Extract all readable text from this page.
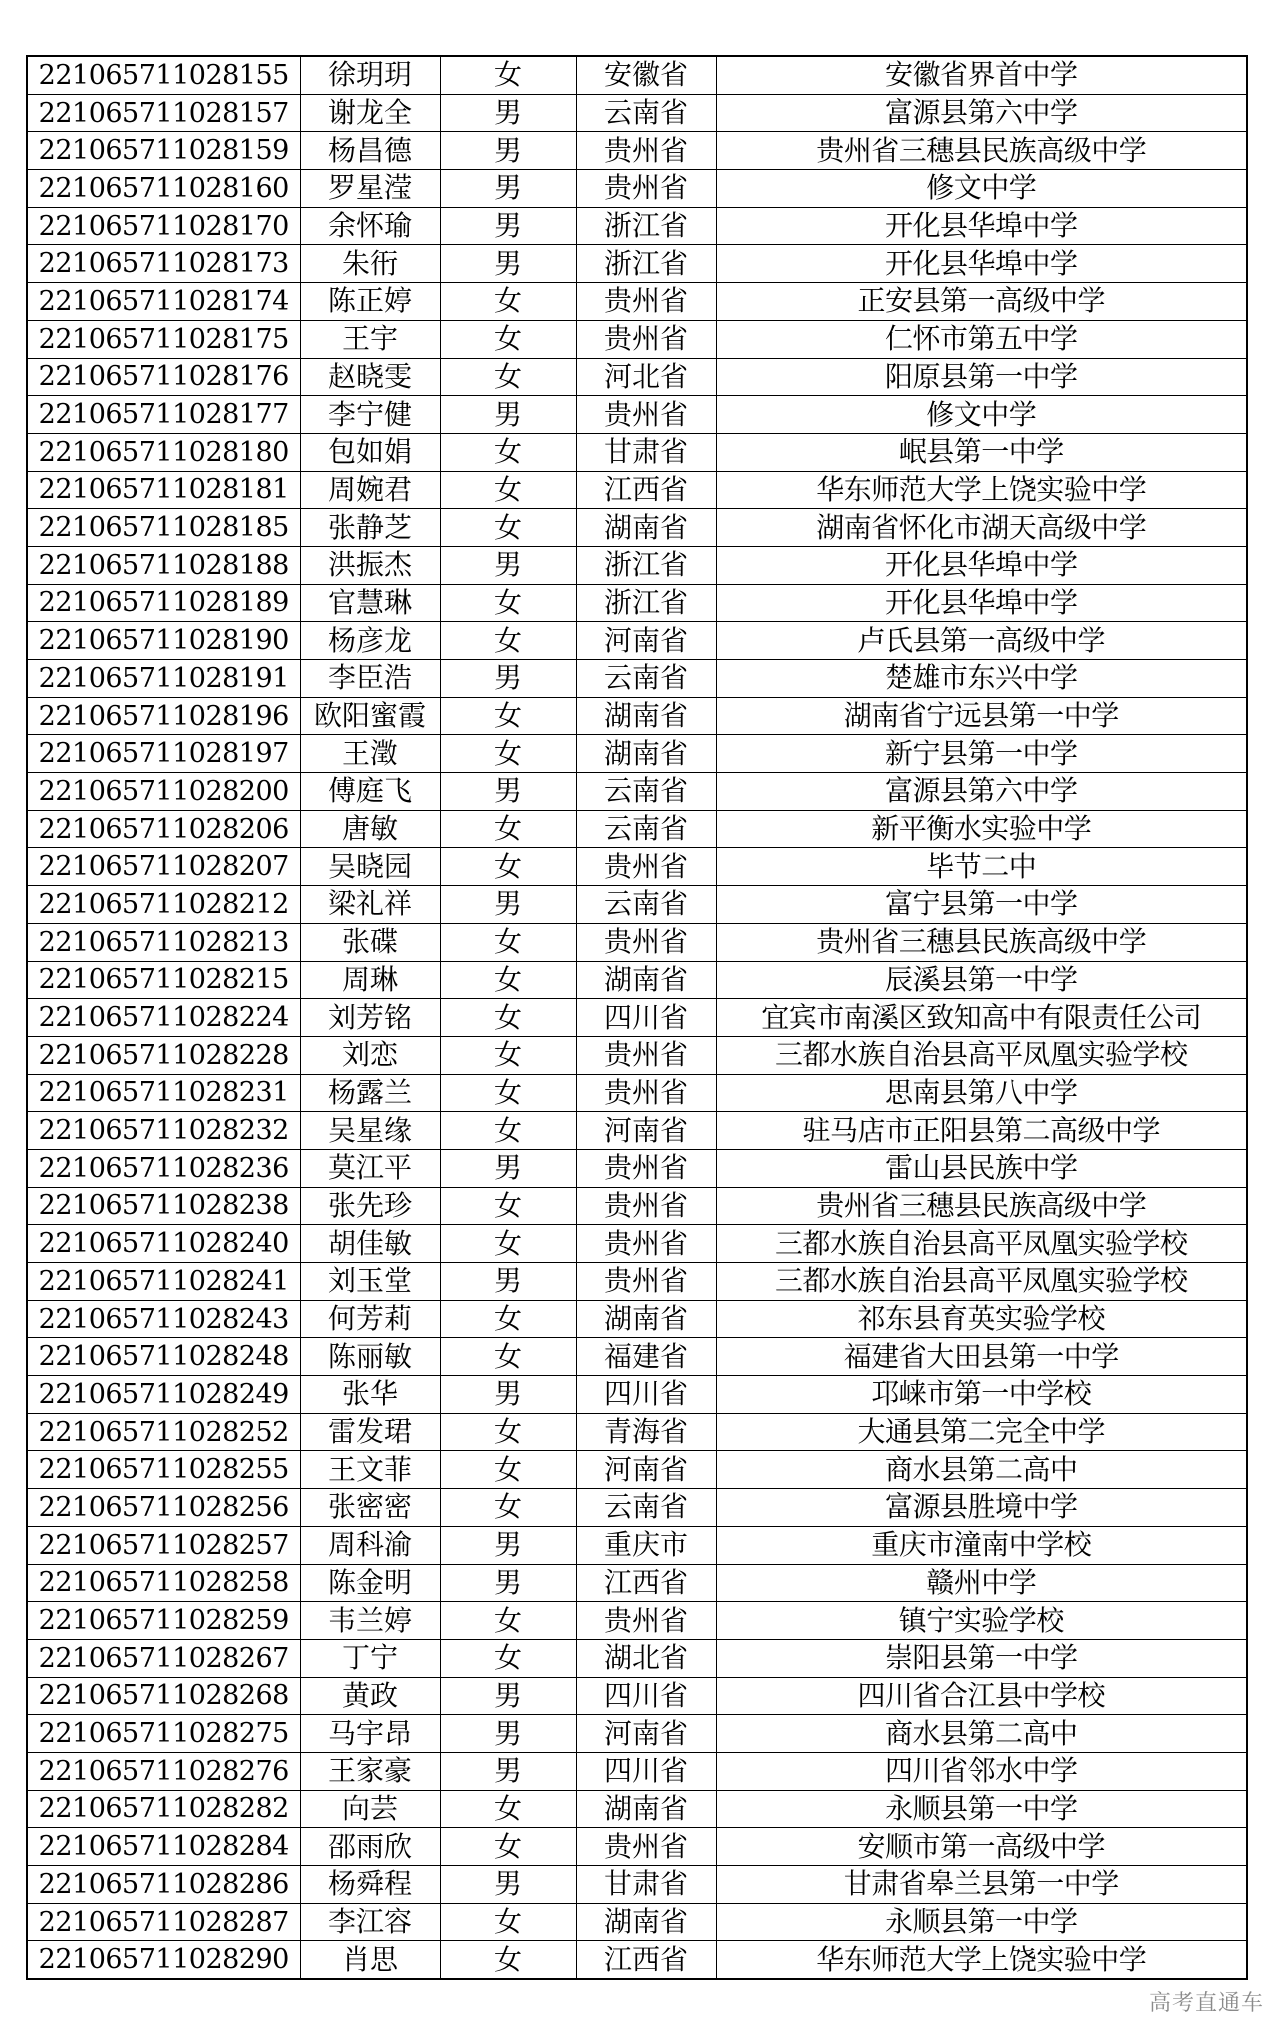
221065711028155	徐玥玥	女	安徽省	安徽省界首中学
221065711028157	谢龙全	男	云南省	富源县第六中学
221065711028159	杨昌德	男	贵州省	贵州省三穗县民族高级中学
221065711028160	罗星滢	男	贵州省	修文中学
221065711028170	余怀瑜	男	浙江省	开化县华埠中学
221065711028173	朱衎	男	浙江省	开化县华埠中学
221065711028174	陈正婷	女	贵州省	正安县第一高级中学
221065711028175	王宇	女	贵州省	仁怀市第五中学
221065711028176	赵晓雯	女	河北省	阳原县第一中学
221065711028177	李宁健	男	贵州省	修文中学
221065711028180	包如娟	女	甘肃省	岷县第一中学
221065711028181	周婉君	女	江西省	华东师范大学上饶实验中学
221065711028185	张静芝	女	湖南省	湖南省怀化市湖天高级中学
221065711028188	洪振杰	男	浙江省	开化县华埠中学
221065711028189	官慧琳	女	浙江省	开化县华埠中学
221065711028190	杨彦龙	女	河南省	卢氏县第一高级中学
221065711028191	李臣浩	男	云南省	楚雄市东兴中学
221065711028196	欧阳蜜霞	女	湖南省	湖南省宁远县第一中学
221065711028197	王澂	女	湖南省	新宁县第一中学
221065711028200	傅庭飞	男	云南省	富源县第六中学
221065711028206	唐敏	女	云南省	新平衡水实验中学
221065711028207	吴晓园	女	贵州省	毕节二中
221065711028212	梁礼祥	男	云南省	富宁县第一中学
221065711028213	张碟	女	贵州省	贵州省三穗县民族高级中学
221065711028215	周琳	女	湖南省	辰溪县第一中学
221065711028224	刘芳铭	女	四川省	宜宾市南溪区致知高中有限责任公司
221065711028228	刘恋	女	贵州省	三都水族自治县高平凤凰实验学校
221065711028231	杨露兰	女	贵州省	思南县第八中学
221065711028232	吴星缘	女	河南省	驻马店市正阳县第二高级中学
221065711028236	莫江平	男	贵州省	雷山县民族中学
221065711028238	张先珍	女	贵州省	贵州省三穗县民族高级中学
221065711028240	胡佳敏	女	贵州省	三都水族自治县高平凤凰实验学校
221065711028241	刘玉堂	男	贵州省	三都水族自治县高平凤凰实验学校
221065711028243	何芳莉	女	湖南省	祁东县育英实验学校
221065711028248	陈丽敏	女	福建省	福建省大田县第一中学
221065711028249	张华	男	四川省	邛崃市第一中学校
221065711028252	雷发珺	女	青海省	大通县第二完全中学
221065711028255	王文菲	女	河南省	商水县第二高中
221065711028256	张密密	女	云南省	富源县胜境中学
221065711028257	周科渝	男	重庆市	重庆市潼南中学校
221065711028258	陈金明	男	江西省	赣州中学
221065711028259	韦兰婷	女	贵州省	镇宁实验学校
221065711028267	丁宁	女	湖北省	崇阳县第一中学
221065711028268	黄政	男	四川省	四川省合江县中学校
221065711028275	马宇昂	男	河南省	商水县第二高中
221065711028276	王家豪	男	四川省	四川省邻水中学
221065711028282	向芸	女	湖南省	永顺县第一中学
221065711028284	邵雨欣	女	贵州省	安顺市第一高级中学
221065711028286	杨舜程	男	甘肃省	甘肃省皋兰县第一中学
221065711028287	李江容	女	湖南省	永顺县第一中学
221065711028290	肖思	女	江西省	华东师范大学上饶实验中学
高考直通车
